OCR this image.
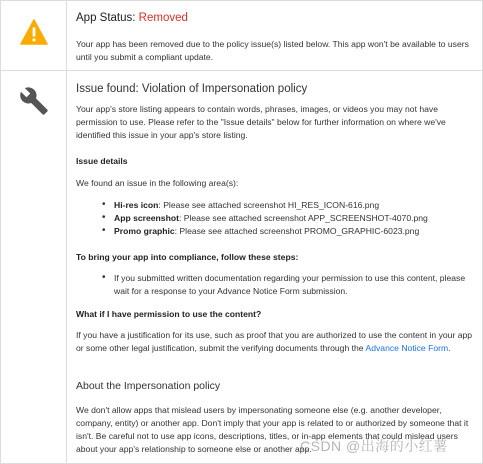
App Status: Removed

Your app has been removed due to the policy issue(s) listed below. This app won't be available to users until you submit a compliant update.

Issue found: Violation of Impersonation policy

Your app's store listing appears to contain words, phrases, images, or videos you may not have permission to use. Please refer to the "Issue details" below for further information on where we've identified this issue in your app's store listing.

Issue details
We found an issue in the following area(s):
• Hi-res icon: Please see attached screenshot HI_RES_ICON-616.png
• App screenshot: Please see attached screenshot APP_SCREENSHOT-4070.png
• Promo graphic: Please see attached screenshot PROMO_GRAPHIC-6023.png
To bring your app into compliance, follow these steps:
• If you submitted written documentation regarding your permission to use this content, please wait for a response to your Advance Notice Form submission.
What if I have permission to use the content?

If you have a justification for its use, such as proof that you are authorized to use the content in your app or some other legal justification, submit the verifying documents through the Advance Notice Form.

About the Impersonation policy

We don't allow apps that mislead users by impersonating someone else (e.g. another developer, company, entity) or another app. Don't imply that your app is related to or authorized by someone that it isn't. Be careful not to use app icons, descriptions, titles, or in-app elements that could mislead users about your app's relationship to someone else or another app.

CSDN @出海的小红薯
